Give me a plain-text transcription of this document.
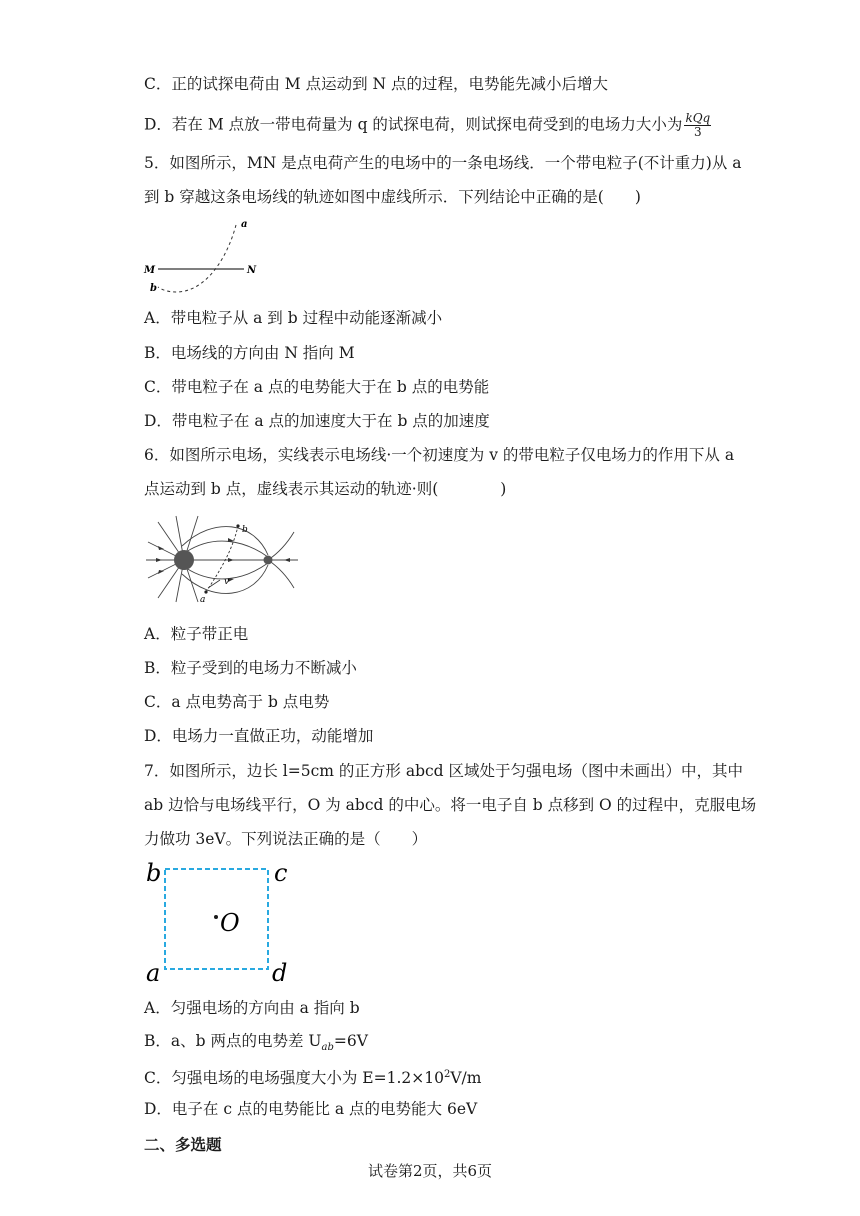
C．正的试探电荷由 M 点运动到 N 点的过程，电势能先减小后增大
D．若在 M 点放一带电荷量为 q 的试探电荷，则试探电荷受到的电场力大小为 $\frac{\text{kQq}}{3}$
5．如图所示，MN 是点电荷产生的电场中的一条电场线．一个带电粒子(不计重力)从 a
到 b 穿越这条电场线的轨迹如图中虚线所示．下列结论中正确的是(　　)
M	N
a
b
A．带电粒子从 a 到 b 过程中动能逐渐减小
B．电场线的方向由 N 指向 M
C．带电粒子在 a 点的电势能大于在 b 点的电势能
D．带电粒子在 a 点的加速度大于在 b 点的加速度
6．如图所示电场，实线表示电场线·一个初速度为 v 的带电粒子仅电场力的作用下从 a
点运动到 b 点，虚线表示其运动的轨迹·则(　　　　)
a
b
v
A．粒子带正电
B．粒子受到的电场力不断减小
C．a 点电势高于 b 点电势
D．电场力一直做正功，动能增加
7．如图所示，边长 l=5cm 的正方形 abcd 区域处于匀强电场（图中未画出）中，其中
ab 边恰与电场线平行，O 为 abcd 的中心。将一电子自 b 点移到 O 的过程中，克服电场
力做功 3eV。下列说法正确的是（　　）
b	c
a	d
O
A．匀强电场的方向由 a 指向 b
B．a、b 两点的电势差 $U_{ab}=6V$
C．匀强电场的电场强度大小为 $E=1.2\times 10^2V/m$
D．电子在 c 点的电势能比 a 点的电势能大 6eV
二、多选题
试卷第2页，共6页
